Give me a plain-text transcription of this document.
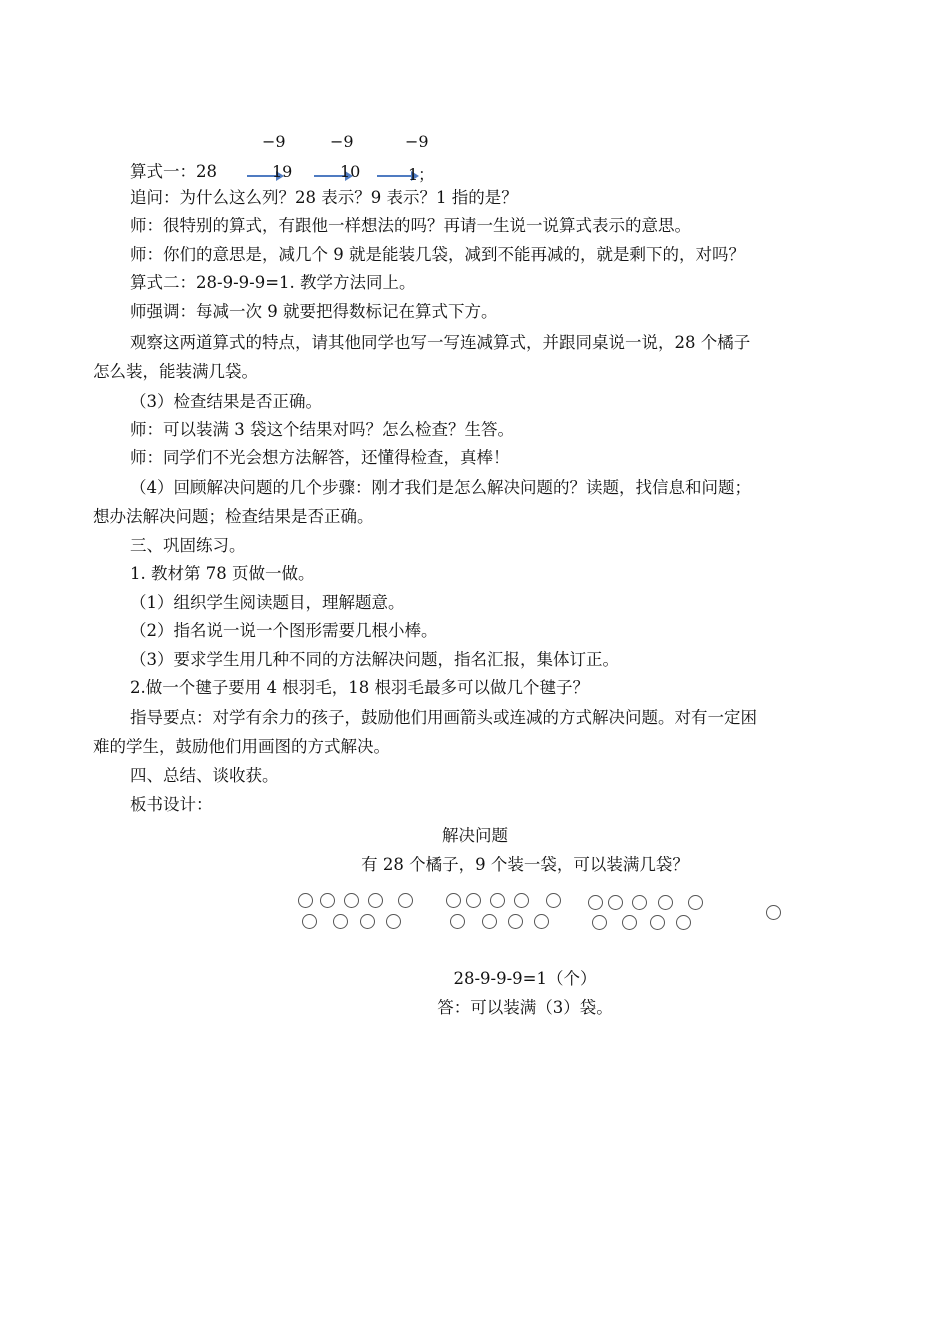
−9	−9	−9
算式一：28	19	10	1；
追问：为什么这么列？28 表示？9 表示？1 指的是？
师：很特别的算式，有跟他一样想法的吗？再请一生说一说算式表示的意思。
师：你们的意思是，减几个 9 就是能装几袋，减到不能再减的，就是剩下的，对吗？
算式二：28-9-9-9=1. 教学方法同上。
师强调：每减一次 9 就要把得数标记在算式下方。
观察这两道算式的特点，请其他同学也写一写连减算式，并跟同桌说一说，28 个橘子
怎么装，能装满几袋。
（3）检查结果是否正确。
师：可以装满 3 袋这个结果对吗？怎么检查？生答。
师：同学们不光会想方法解答，还懂得检查，真棒！
（4）回顾解决问题的几个步骤：刚才我们是怎么解决问题的？读题，找信息和问题；
想办法解决问题；检查结果是否正确。
三、巩固练习。
1. 教材第 78 页做一做。
（1）组织学生阅读题目，理解题意。
（2）指名说一说一个图形需要几根小棒。
（3）要求学生用几种不同的方法解决问题，指名汇报，集体订正。
2.做一个毽子要用 4 根羽毛，18 根羽毛最多可以做几个毽子？
指导要点：对学有余力的孩子，鼓励他们用画箭头或连减的方式解决问题。对有一定困
难的学生，鼓励他们用画图的方式解决。
四、总结、谈收获。
板书设计：
解决问题
有 28 个橘子，9 个装一袋，可以装满几袋？
28-9-9-9=1（个）
答：可以装满（3）袋。
